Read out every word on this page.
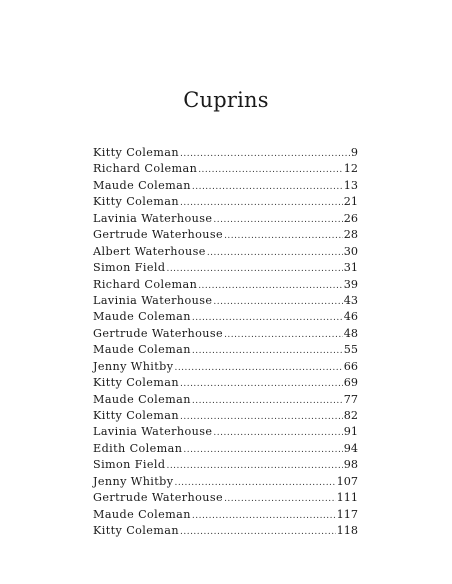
Cuprins
Kitty Coleman .....	9
Richard Coleman .....	12
Maude Coleman .....	13
Kitty Coleman .....	21
Lavinia Waterhouse .....	26
Gertrude Waterhouse .....	28
Albert Waterhouse .....	30
Simon Field .....	31
Richard Coleman .....	39
Lavinia Waterhouse .....	43
Maude Coleman .....	46
Gertrude Waterhouse .....	48
Maude Coleman .....	55
Jenny Whitby .....	66
Kitty Coleman .....	69
Maude Coleman .....	77
Kitty Coleman .....	82
Lavinia Waterhouse .....	91
Edith Coleman .....	94
Simon Field .....	98
Jenny Whitby .....	107
Gertrude Waterhouse .....	111
Maude Coleman .....	117
Kitty Coleman .....	118
